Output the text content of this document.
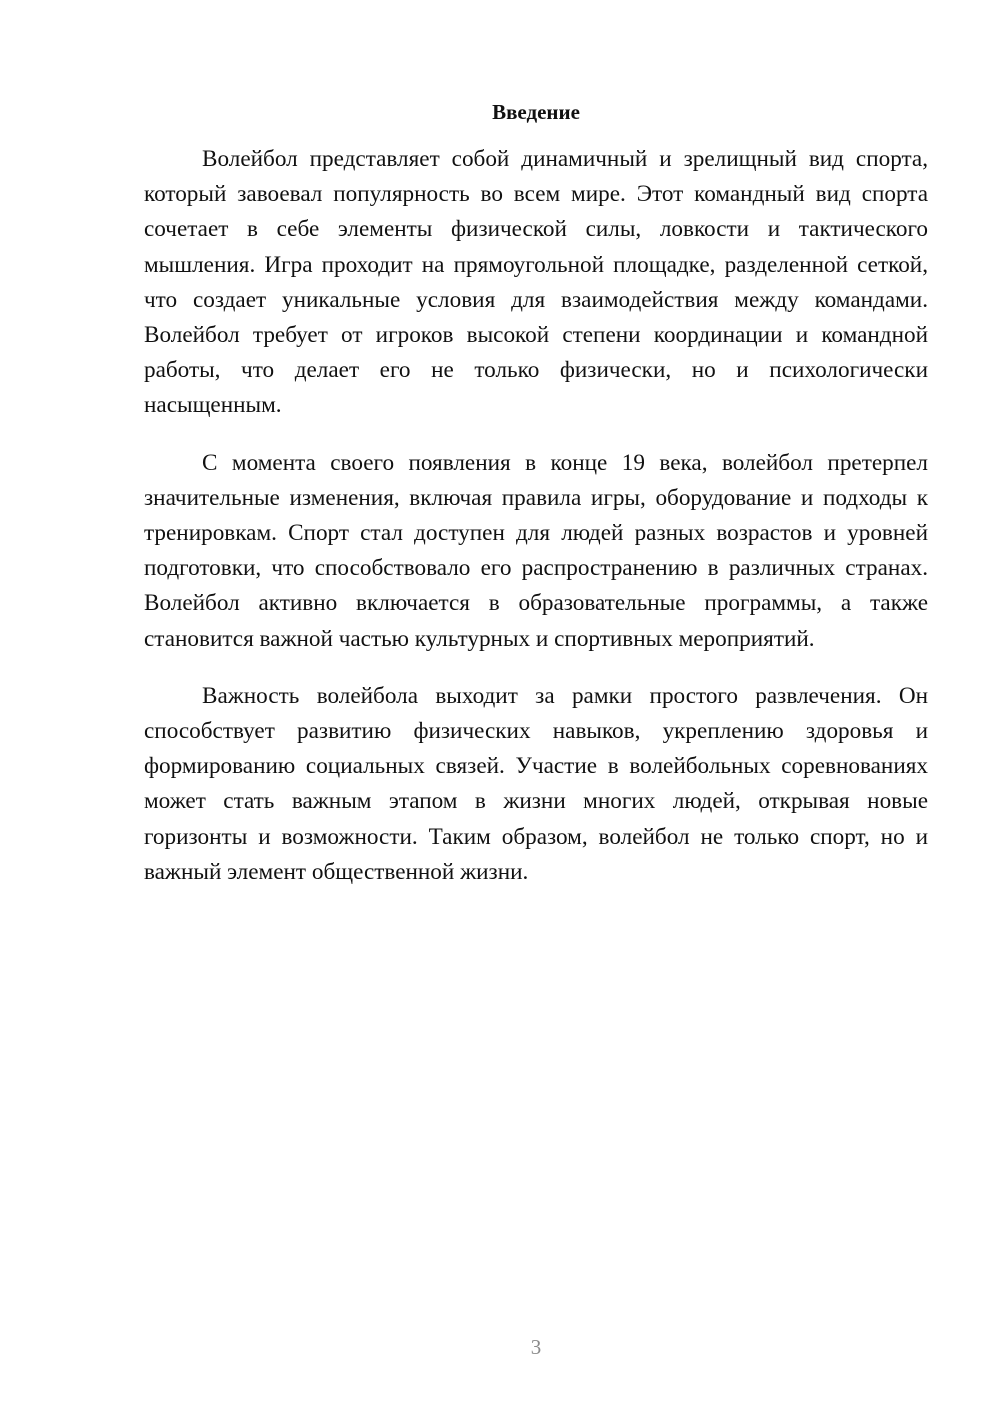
Введение

Волейбол представляет собой динамичный и зрелищный вид спорта, который завоевал популярность во всем мире. Этот командный вид спорта сочетает в себе элементы физической силы, ловкости и тактического мышления. Игра проходит на прямоугольной площадке, разделенной сеткой, что создает уникальные условия для взаимодействия между командами. Волейбол требует от игроков высокой степени координации и командной работы, что делает его не только физически, но и психологически насыщенным.

С момента своего появления в конце 19 века, волейбол претерпел значительные изменения, включая правила игры, оборудование и подходы к тренировкам. Спорт стал доступен для людей разных возрастов и уровней подготовки, что способствовало его распространению в различных странах. Волейбол активно включается в образовательные программы, а также становится важной частью культурных и спортивных мероприятий.

Важность волейбола выходит за рамки простого развлечения. Он способствует развитию физических навыков, укреплению здоровья и формированию социальных связей. Участие в волейбольных соревнованиях может стать важным этапом в жизни многих людей, открывая новые горизонты и возможности. Таким образом, волейбол не только спорт, но и важный элемент общественной жизни.

3
